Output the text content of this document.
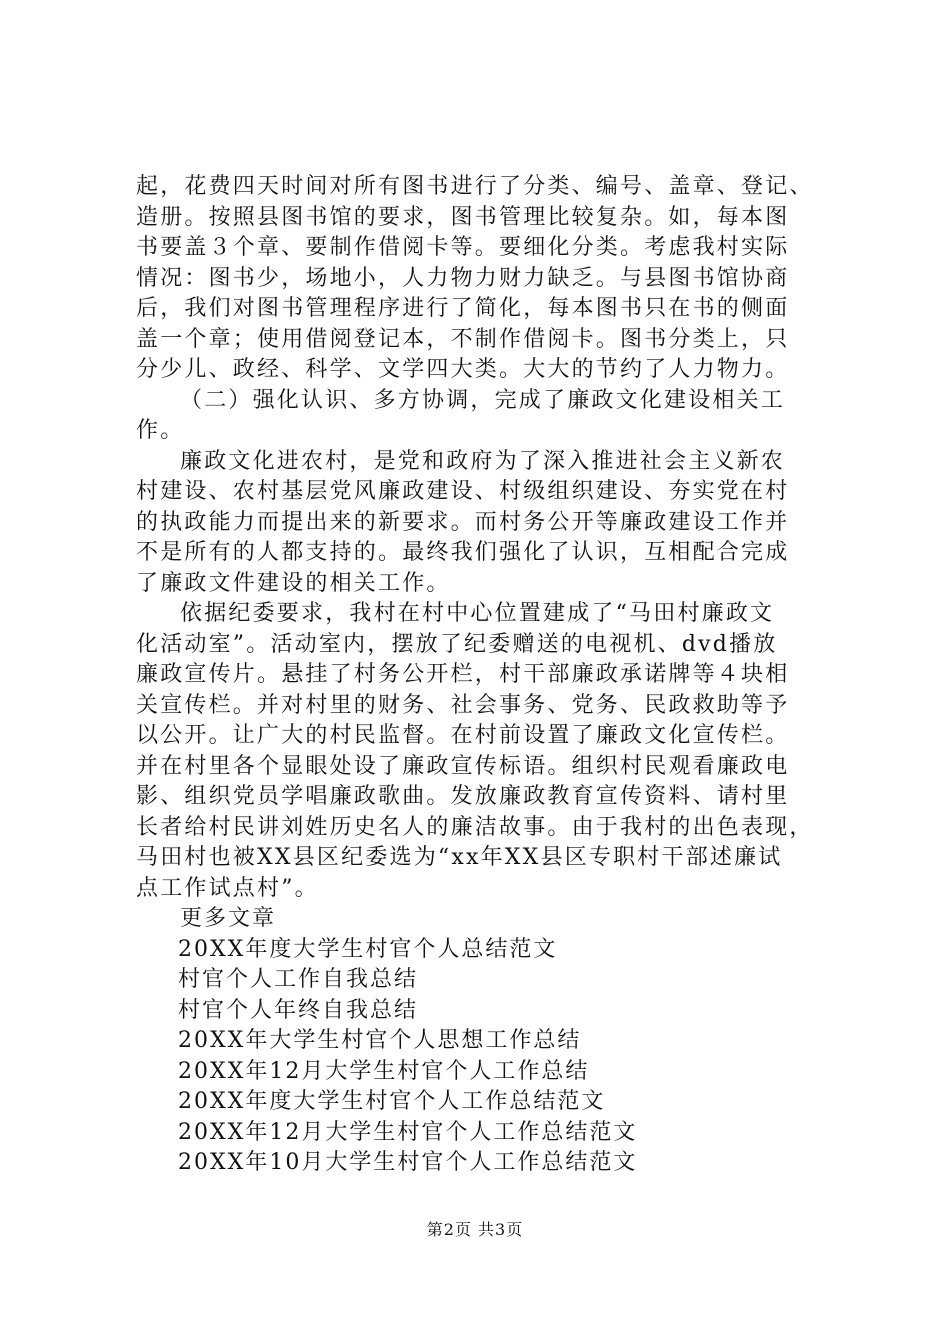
起，花费四天时间对所有图书进行了分类、编号、盖章、登记、
造册。按照县图书馆的要求，图书管理比较复杂。如，每本图
书要盖３个章、要制作借阅卡等。要细化分类。考虑我村实际
情况：图书少，场地小，人力物力财力缺乏。与县图书馆协商
后，我们对图书管理程序进行了简化，每本图书只在书的侧面
盖一个章；使用借阅登记本，不制作借阅卡。图书分类上，只
分少儿、政经、科学、文学四大类。大大的节约了人力物力。
（二）强化认识、多方协调，完成了廉政文化建设相关工
作。
廉政文化进农村，是党和政府为了深入推进社会主义新农
村建设、农村基层党风廉政建设、村级组织建设、夯实党在村
的执政能力而提出来的新要求。而村务公开等廉政建设工作并
不是所有的人都支持的。最终我们强化了认识，互相配合完成
了廉政文件建设的相关工作。
依据纪委要求，我村在村中心位置建成了“马田村廉政文
化活动室”。活动室内，摆放了纪委赠送的电视机、dvd播放
廉政宣传片。悬挂了村务公开栏，村干部廉政承诺牌等４块相
关宣传栏。并对村里的财务、社会事务、党务、民政救助等予
以公开。让广大的村民监督。在村前设置了廉政文化宣传栏。
并在村里各个显眼处设了廉政宣传标语。组织村民观看廉政电
影、组织党员学唱廉政歌曲。发放廉政教育宣传资料、请村里
长者给村民讲刘姓历史名人的廉洁故事。由于我村的出色表现，
马田村也被XX县区纪委选为“xx年XX县区专职村干部述廉试
点工作试点村”。
更多文章
20XX年度大学生村官个人总结范文
村官个人工作自我总结
村官个人年终自我总结
20XX年大学生村官个人思想工作总结
20XX年12月大学生村官个人工作总结
20XX年度大学生村官个人工作总结范文
20XX年12月大学生村官个人工作总结范文
20XX年10月大学生村官个人工作总结范文
第2页 共3页
